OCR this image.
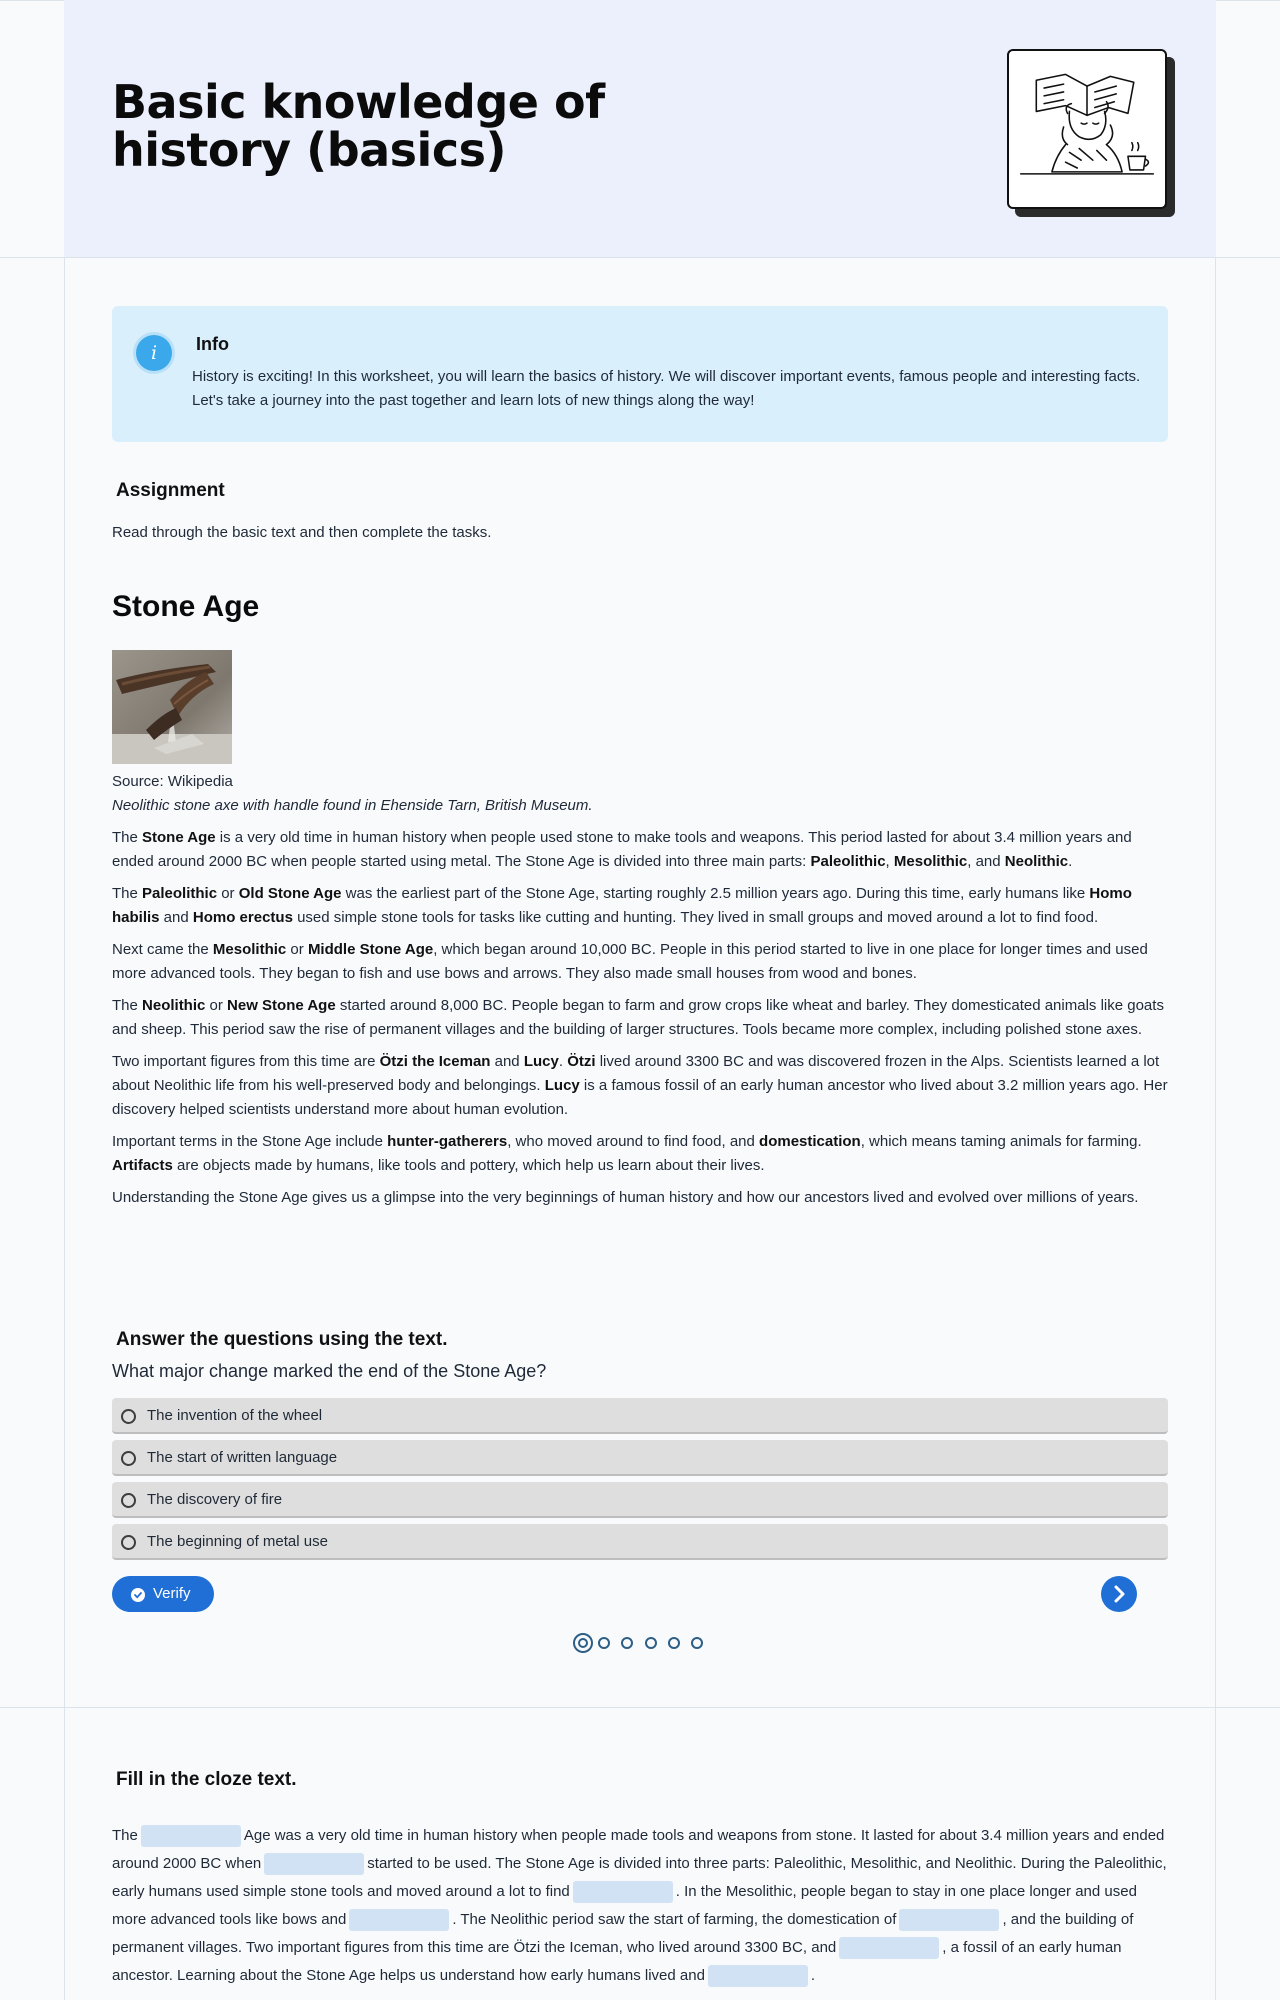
Basic knowledge of
history (basics)
i	Info
History is exciting! In this worksheet, you will learn the basics of history. We will discover important events, famous people and interesting facts. Let's take a journey into the past together and learn lots of new things along the way!
Assignment

Read through the basic text and then complete the tasks.

Stone Age
Source: Wikipedia
Neolithic stone axe with handle found in Ehenside Tarn, British Museum.

The Stone Age is a very old time in human history when people used stone to make tools and weapons. This period lasted for about 3.4 million years and ended around 2000 BC when people started using metal. The Stone Age is divided into three main parts: Paleolithic, Mesolithic, and Neolithic.

The Paleolithic or Old Stone Age was the earliest part of the Stone Age, starting roughly 2.5 million years ago. During this time, early humans like Homo habilis and Homo erectus used simple stone tools for tasks like cutting and hunting. They lived in small groups and moved around a lot to find food.

Next came the Mesolithic or Middle Stone Age, which began around 10,000 BC. People in this period started to live in one place for longer times and used more advanced tools. They began to fish and use bows and arrows. They also made small houses from wood and bones.

The Neolithic or New Stone Age started around 8,000 BC. People began to farm and grow crops like wheat and barley. They domesticated animals like goats and sheep. This period saw the rise of permanent villages and the building of larger structures. Tools became more complex, including polished stone axes.

Two important figures from this time are Ötzi the Iceman and Lucy. Ötzi lived around 3300 BC and was discovered frozen in the Alps. Scientists learned a lot about Neolithic life from his well-preserved body and belongings. Lucy is a famous fossil of an early human ancestor who lived about 3.2 million years ago. Her discovery helped scientists understand more about human evolution.

Important terms in the Stone Age include hunter-gatherers, who moved around to find food, and domestication, which means taming animals for farming. Artifacts are objects made by humans, like tools and pottery, which help us learn about their lives.

Understanding the Stone Age gives us a glimpse into the very beginnings of human history and how our ancestors lived and evolved over millions of years.

Answer the questions using the text.
What major change marked the end of the Stone Age?
The invention of the wheel
The start of written language
The discovery of fire
The beginning of metal use
Verify
Fill in the cloze text.
The	Age was a very old time in human history when people made tools and weapons from stone. It lasted for about 3.4 million years and ended around 2000 BC when	started to be used. The Stone Age is divided into three parts: Paleolithic, Mesolithic, and Neolithic. During the Paleolithic, early humans used simple stone tools and moved around a lot to find	. In the Mesolithic, people began to stay in one place longer and used more advanced tools like bows and	. The Neolithic period saw the start of farming, the domestication of	, and the building of permanent villages. Two important figures from this time are Ötzi the Iceman, who lived around 3300 BC, and	, a fossil of an early human ancestor. Learning about the Stone Age helps us understand how early humans lived and	.
